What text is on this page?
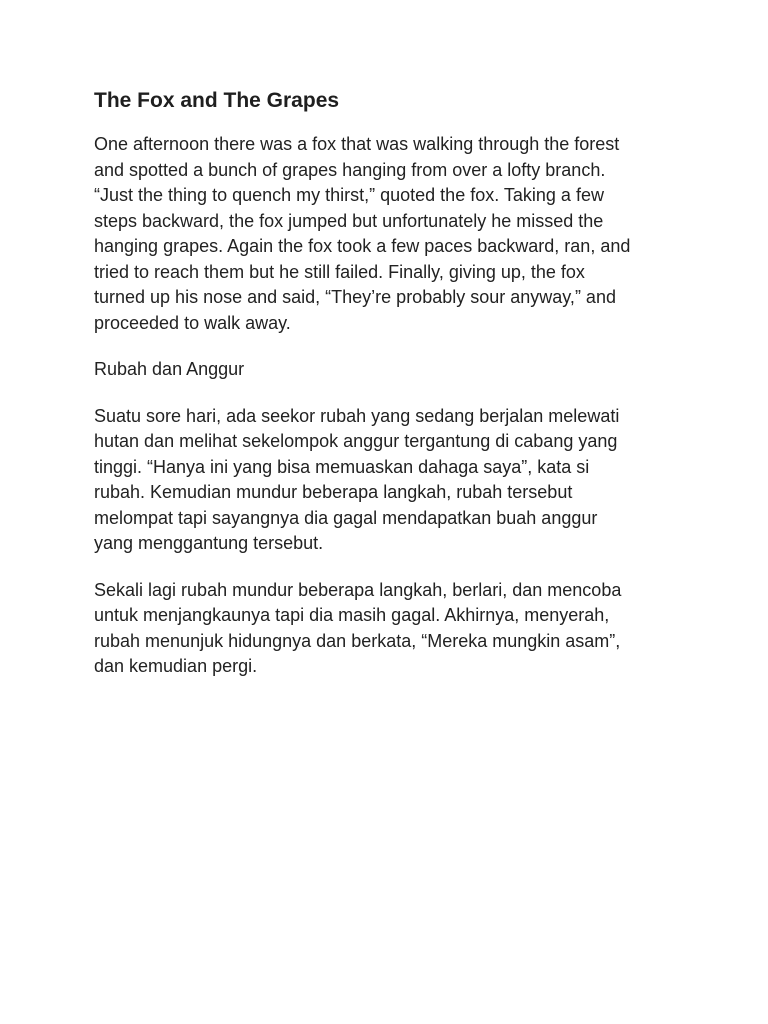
The Fox and The Grapes

One afternoon there was a fox that was walking through the forest
and spotted a bunch of grapes hanging from over a lofty branch.
“Just the thing to quench my thirst,” quoted the fox. Taking a few
steps backward, the fox jumped but unfortunately he missed the
hanging grapes. Again the fox took a few paces backward, ran, and
tried to reach them but he still failed. Finally, giving up, the fox
turned up his nose and said, “They’re probably sour anyway,” and
proceeded to walk away.

Rubah dan Anggur

Suatu sore hari, ada seekor rubah yang sedang berjalan melewati
hutan dan melihat sekelompok anggur tergantung di cabang yang
tinggi. “Hanya ini yang bisa memuaskan dahaga saya”, kata si
rubah. Kemudian mundur beberapa langkah, rubah tersebut
melompat tapi sayangnya dia gagal mendapatkan buah anggur
yang menggantung tersebut.

Sekali lagi rubah mundur beberapa langkah, berlari, dan mencoba
untuk menjangkaunya tapi dia masih gagal. Akhirnya, menyerah,
rubah menunjuk hidungnya dan berkata, “Mereka mungkin asam”,
dan kemudian pergi.
